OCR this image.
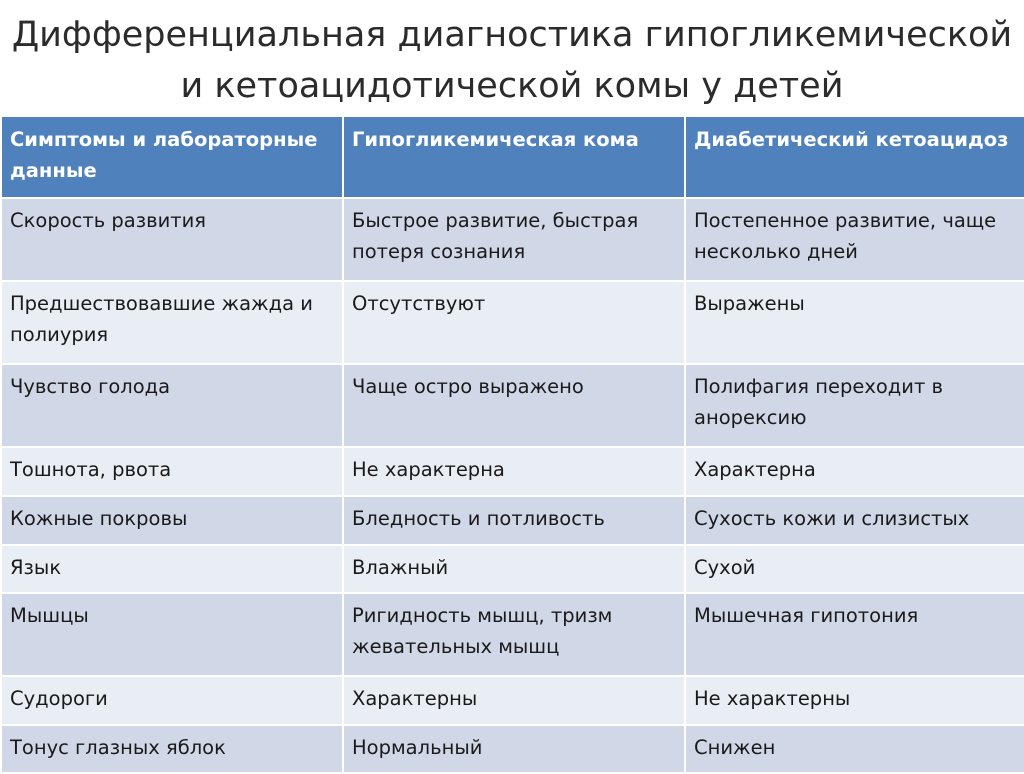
Дифференциальная диагностика гипогликемической
и кетоацидотической комы у детей
Симптомы и лабораторные данные	Гипогликемическая кома	Диабетический кетоацидоз
Скорость развития	Быстрое развитие, быстрая потеря сознания	Постепенное развитие, чаще несколько дней
Предшествовавшие жажда и полиурия	Отсутствуют	Выражены
Чувство голода	Чаще остро выражено	Полифагия переходит в анорексию
Тошнота, рвота	Не характерна	Характерна
Кожные покровы	Бледность и потливость	Сухость кожи и слизистых
Язык	Влажный	Сухой
Мышцы	Ригидность мышц, тризм жевательных мышц	Мышечная гипотония
Судороги	Характерны	Не характерны
Тонус глазных яблок	Нормальный	Снижен
